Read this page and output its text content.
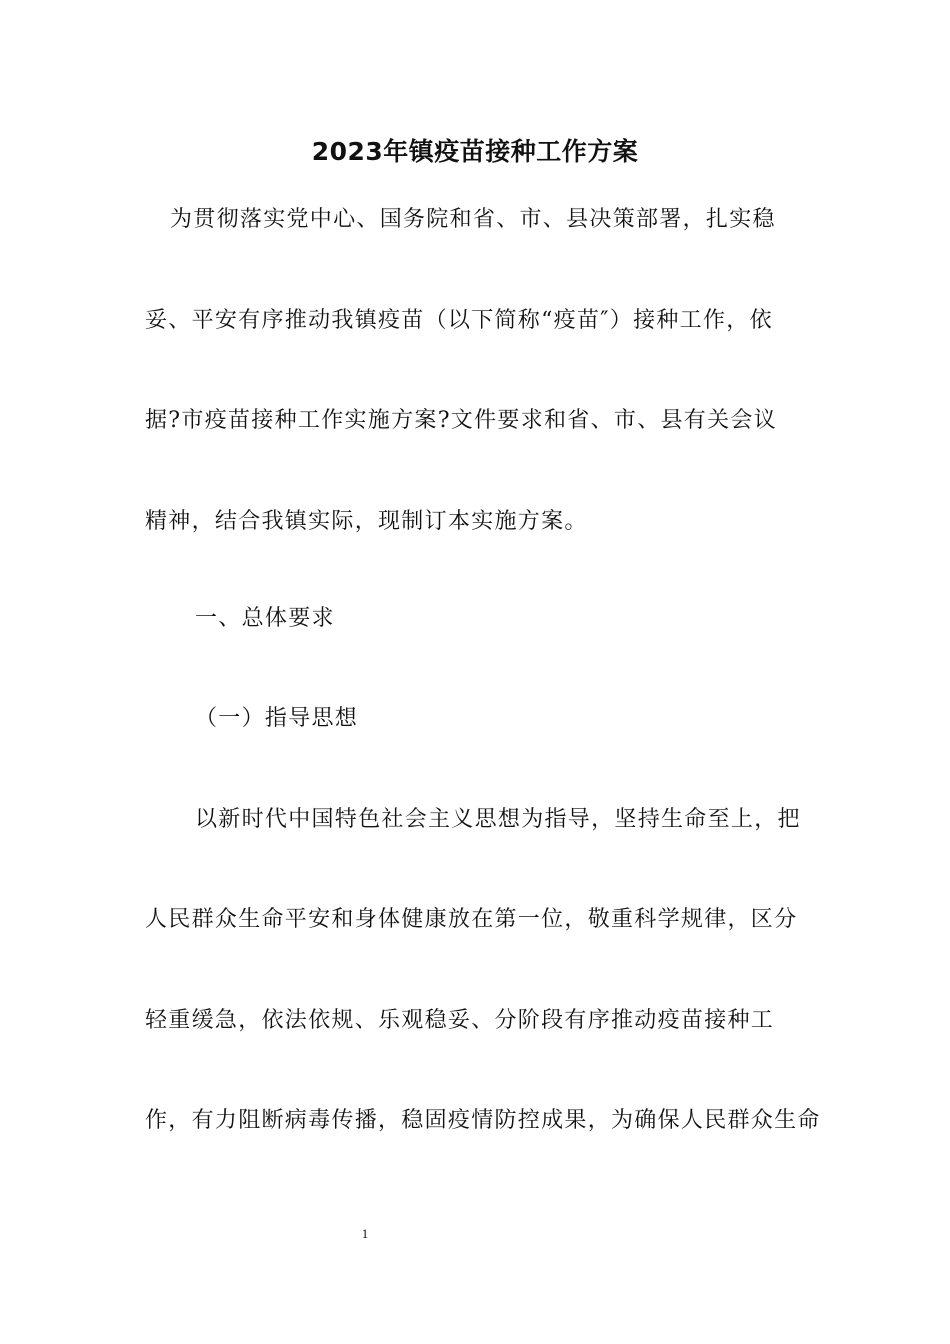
2023年镇疫苗接种工作方案
为贯彻落实党中心、国务院和省、市、县决策部署，扎实稳
妥、平安有序推动我镇疫苗（以下简称“疫苗″）接种工作，依
据?市疫苗接种工作实施方案?文件要求和省、市、县有关会议
精神，结合我镇实际，现制订本实施方案。
一、总体要求
（一）指导思想
以新时代中国特色社会主义思想为指导，坚持生命至上，把
人民群众生命平安和身体健康放在第一位，敬重科学规律，区分
轻重缓急，依法依规、乐观稳妥、分阶段有序推动疫苗接种工
作，有力阻断病毒传播，稳固疫情防控成果，为确保人民群众生命
1
